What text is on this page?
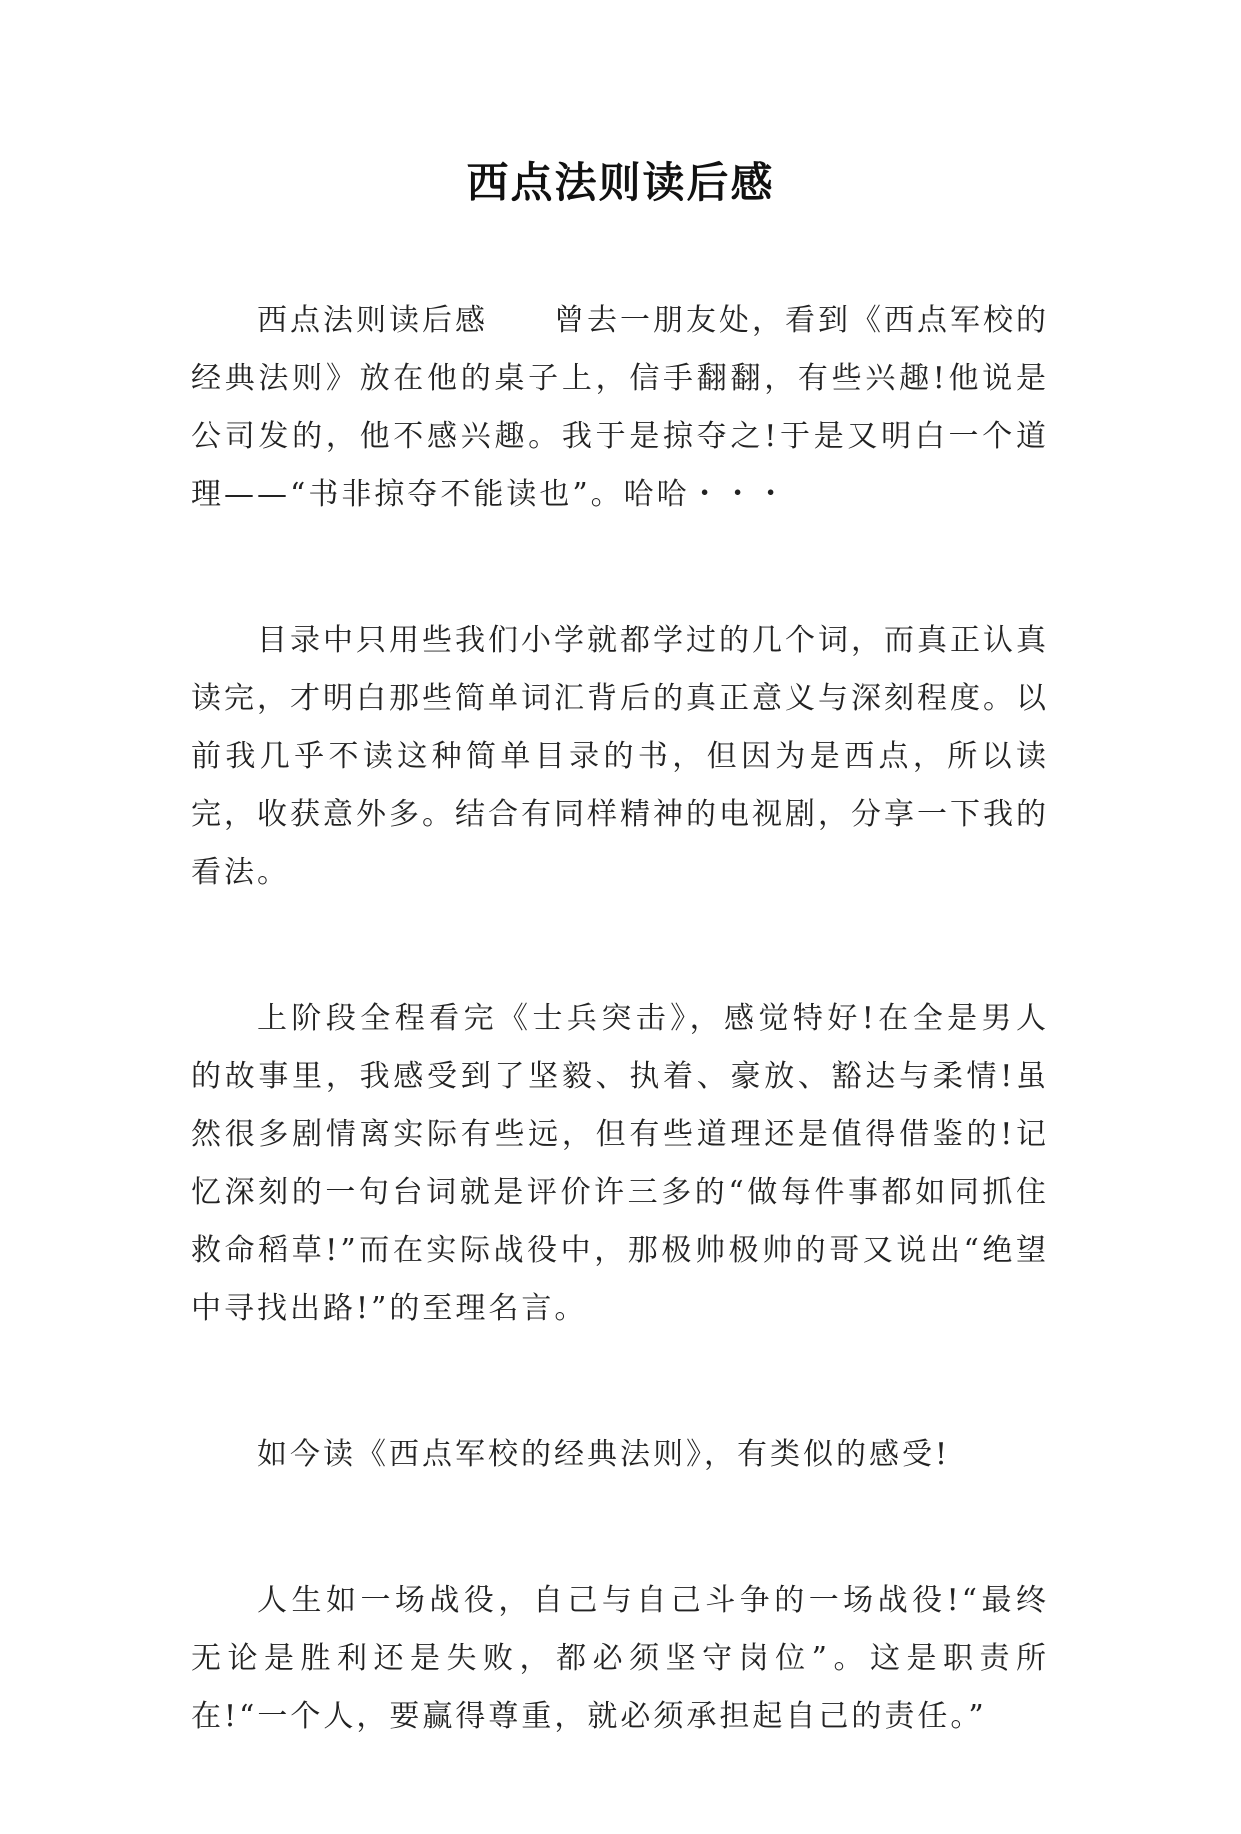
西点法则读后感

西点法则读后感　　曾去一朋友处，看到《西点军校的经典法则》放在他的桌子上，信手翻翻，有些兴趣!他说是公司发的，他不感兴趣。我于是掠夺之!于是又明白一个道理——“书非掠夺不能读也”。哈哈・・・

目录中只用些我们小学就都学过的几个词，而真正认真读完，才明白那些简单词汇背后的真正意义与深刻程度。以前我几乎不读这种简单目录的书，但因为是西点，所以读完，收获意外多。结合有同样精神的电视剧，分享一下我的看法。

上阶段全程看完《士兵突击》，感觉特好!在全是男人的故事里，我感受到了坚毅、执着、豪放、豁达与柔情!虽然很多剧情离实际有些远，但有些道理还是值得借鉴的!记忆深刻的一句台词就是评价许三多的“做每件事都如同抓住救命稻草!”而在实际战役中，那极帅极帅的哥又说出“绝望中寻找出路!”的至理名言。

如今读《西点军校的经典法则》，有类似的感受!

人生如一场战役，自己与自己斗争的一场战役!“最终无论是胜利还是失败，都必须坚守岗位”。这是职责所在!“一个人，要赢得尊重，就必须承担起自己的责任。”
